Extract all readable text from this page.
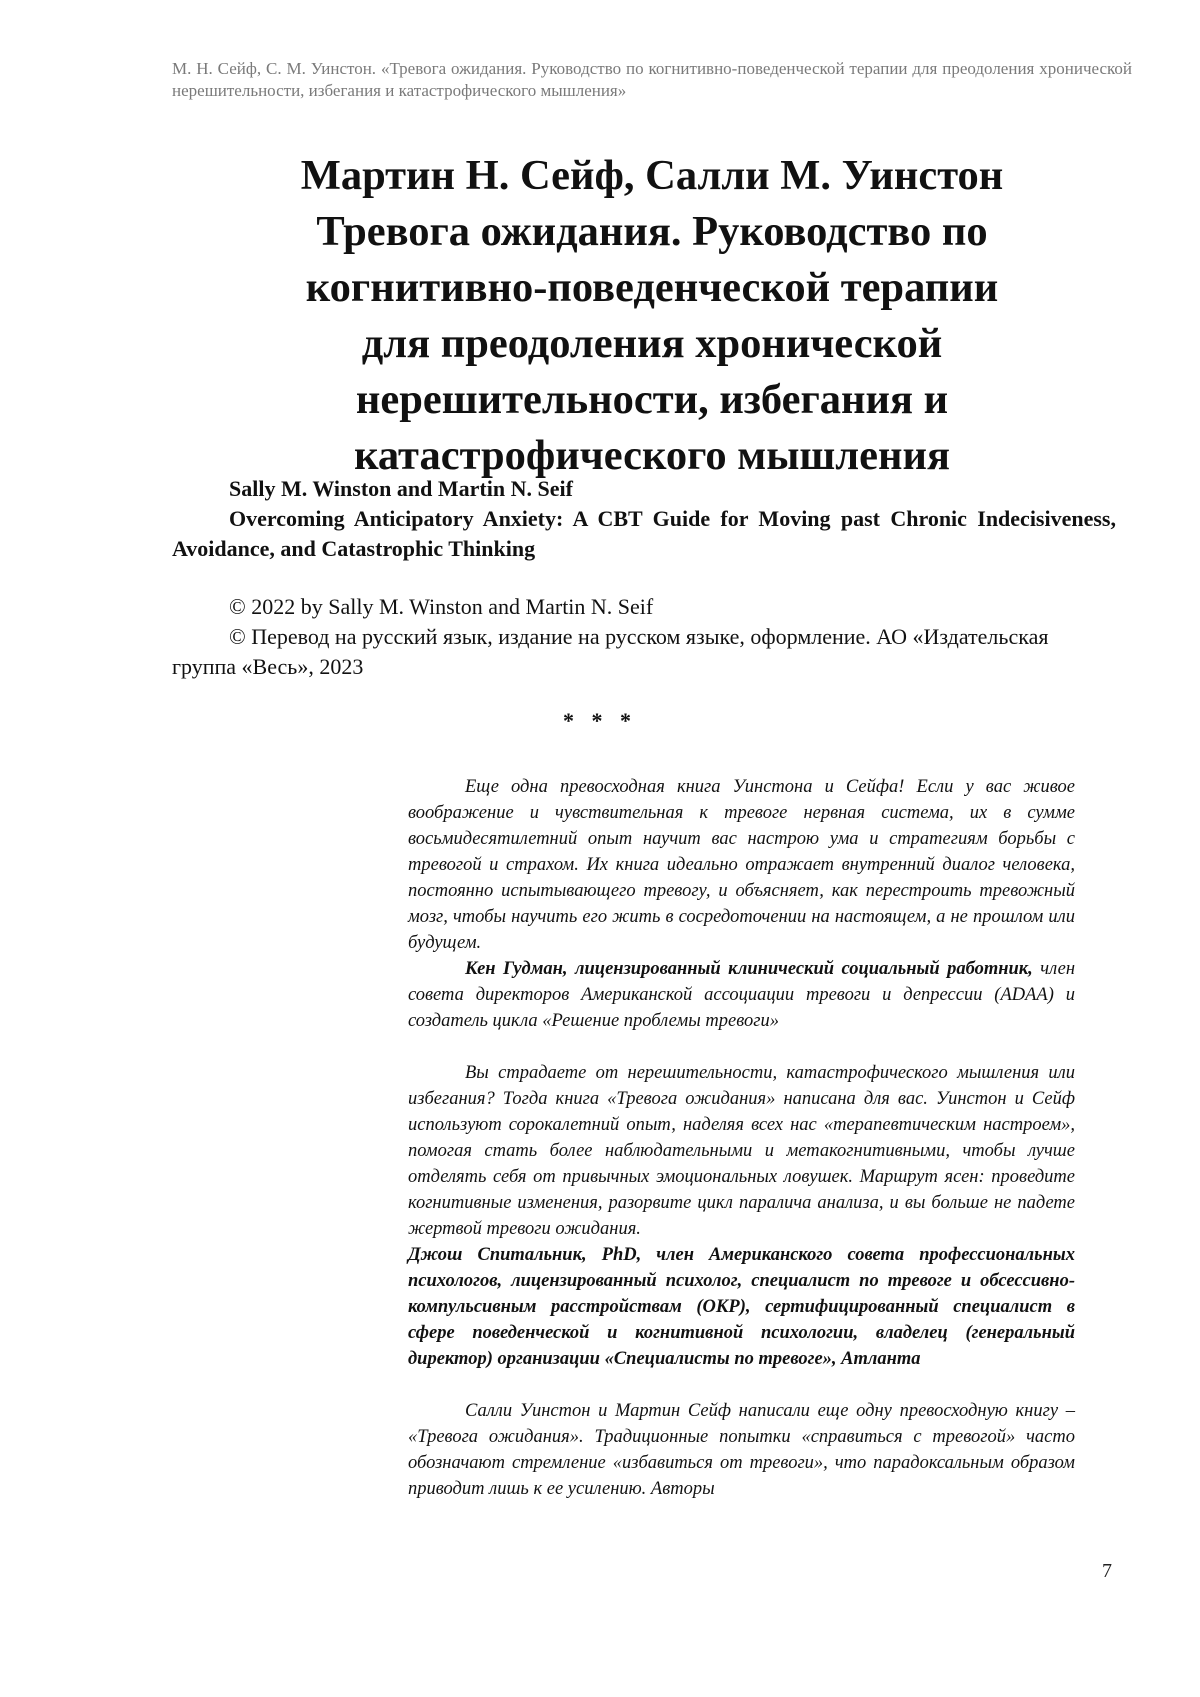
М. Н. Сейф, С. М. Уинстон. «Тревога ожидания. Руководство по когнитивно-поведенческой терапии для преодоления хронической нерешительности, избегания и катастрофического мышления»
Мартин Н. Сейф, Салли М. Уинстон
Тревога ожидания. Руководство по
когнитивно-поведенческой терапии
для преодоления хронической
нерешительности, избегания и
катастрофического мышления

Sally M. Winston and Martin N. Seif

Overcoming Anticipatory Anxiety: A CBT Guide for Moving past Chronic Indecisiveness, Avoidance, and Catastrophic Thinking

© 2022 by Sally M. Winston and Martin N. Seif

© Перевод на русский язык, издание на русском языке, оформление. АО «Издательская группа «Весь», 2023

* * *

Еще одна превосходная книга Уинстона и Сейфа! Если у вас живое воображение и чувствительная к тревоге нервная система, их в сумме восьмидесятилетний опыт научит вас настрою ума и стратегиям борьбы с тревогой и страхом. Их книга идеально отражает внутренний диалог человека, постоянно испытывающего тревогу, и объясняет, как перестроить тревожный мозг, чтобы научить его жить в сосредоточении на настоящем, а не прошлом или будущем.

Кен Гудман, лицензированный клинический социальный работник, член совета директоров Американской ассоциации тревоги и депрессии (ADAA) и создатель цикла «Решение проблемы тревоги»

Вы страдаете от нерешительности, катастрофического мышления или избегания? Тогда книга «Тревога ожидания» написана для вас. Уинстон и Сейф используют сорокалетний опыт, наделяя всех нас «терапевтическим настроем», помогая стать более наблюдательными и метакогнитивными, чтобы лучше отделять себя от привычных эмоциональных ловушек. Маршрут ясен: проведите когнитивные изменения, разорвите цикл паралича анализа, и вы больше не падете жертвой тревоги ожидания.

Джош Спитальник, PhD, член Американского совета профессиональных психологов, лицензированный психолог, специалист по тревоге и обсессивно-компульсивным расстройствам (ОКР), сертифицированный специалист в сфере поведенческой и когнитивной психологии, владелец (генеральный директор) организации «Специалисты по тревоге», Атланта

Салли Уинстон и Мартин Сейф написали еще одну превосходную книгу – «Тревога ожидания». Традиционные попытки «справиться с тревогой» часто обозначают стремление «избавиться от тревоги», что парадоксальным образом приводит лишь к ее усилению. Авторы

7
